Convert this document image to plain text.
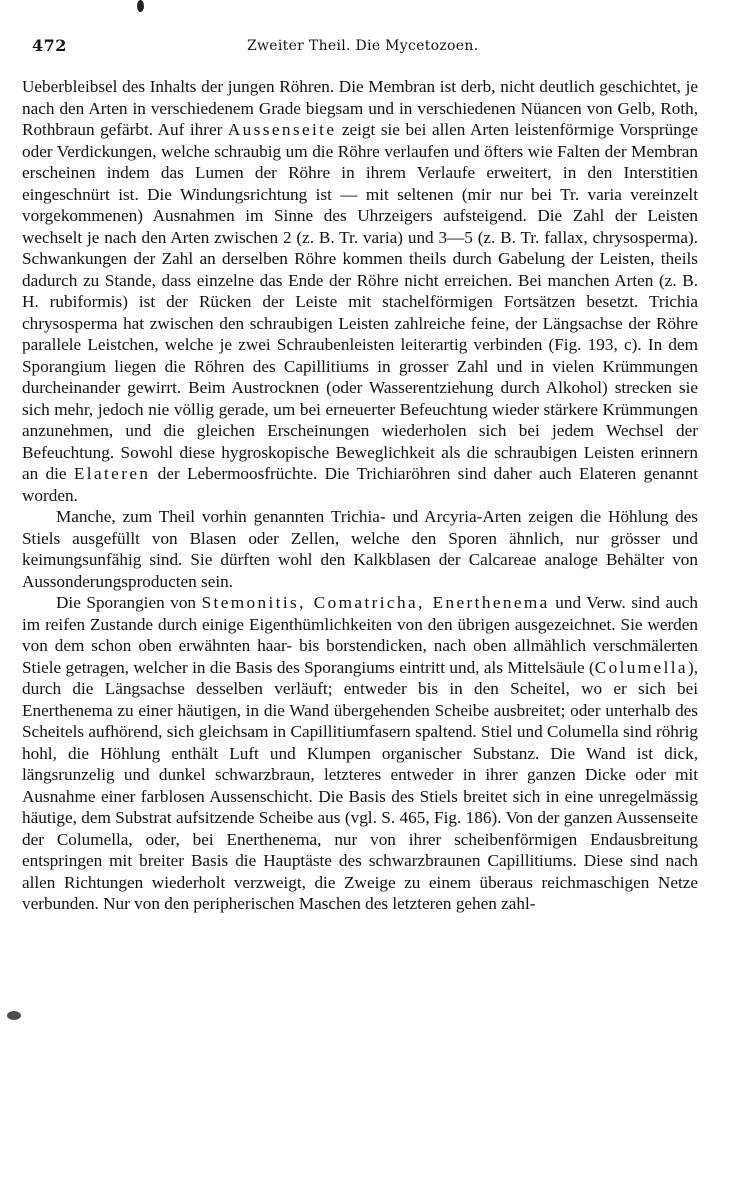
472	Zweiter Theil. Die Mycetozoen.

Ueberbleibsel des Inhalts der jungen Röhren. Die Membran ist derb, nicht deutlich geschichtet, je nach den Arten in verschiedenem Grade biegsam und in verschiedenen Nüancen von Gelb, Roth, Rothbraun gefärbt. Auf ihrer Aussenseite zeigt sie bei allen Arten leistenförmige Vorsprünge oder Verdickungen, welche schraubig um die Röhre verlaufen und öfters wie Falten der Membran erscheinen indem das Lumen der Röhre in ihrem Verlaufe erweitert, in den Interstitien eingeschnürt ist. Die Windungsrichtung ist — mit seltenen (mir nur bei Tr. varia vereinzelt vorgekommenen) Ausnahmen im Sinne des Uhrzeigers aufsteigend. Die Zahl der Leisten wechselt je nach den Arten zwischen 2 (z. B. Tr. varia) und 3—5 (z. B. Tr. fallax, chrysosperma). Schwankungen der Zahl an derselben Röhre kommen theils durch Gabelung der Leisten, theils dadurch zu Stande, dass einzelne das Ende der Röhre nicht erreichen. Bei manchen Arten (z. B. H. rubiformis) ist der Rücken der Leiste mit stachelförmigen Fortsätzen besetzt. Trichia chrysosperma hat zwischen den schraubigen Leisten zahlreiche feine, der Längsachse der Röhre parallele Leistchen, welche je zwei Schraubenleisten leiterartig verbinden (Fig. 193, c). In dem Sporangium liegen die Röhren des Capillitiums in grosser Zahl und in vielen Krümmungen durcheinander gewirrt. Beim Austrocknen (oder Wasserentziehung durch Alkohol) strecken sie sich mehr, jedoch nie völlig gerade, um bei erneuerter Befeuchtung wieder stärkere Krümmungen anzunehmen, und die gleichen Erscheinungen wiederholen sich bei jedem Wechsel der Befeuchtung. Sowohl diese hygroskopische Beweglichkeit als die schraubigen Leisten erinnern an die Elateren der Lebermoosfrüchte. Die Trichiaröhren sind daher auch Elateren genannt worden.

Manche, zum Theil vorhin genannten Trichia- und Arcyria-Arten zeigen die Höhlung des Stiels ausgefüllt von Blasen oder Zellen, welche den Sporen ähnlich, nur grösser und keimungsunfähig sind. Sie dürften wohl den Kalkblasen der Calcareae analoge Behälter von Aussonderungsproducten sein.

Die Sporangien von Stemonitis, Comatricha, Enerthenema und Verw. sind auch im reifen Zustande durch einige Eigenthümlichkeiten von den übrigen ausgezeichnet. Sie werden von dem schon oben erwähnten haar- bis borstendicken, nach oben allmählich verschmälerten Stiele getragen, welcher in die Basis des Sporangiums eintritt und, als Mittelsäule (Columella), durch die Längsachse desselben verläuft; entweder bis in den Scheitel, wo er sich bei Enerthenema zu einer häutigen, in die Wand übergehenden Scheibe ausbreitet; oder unterhalb des Scheitels aufhörend, sich gleichsam in Capillitiumfasern spaltend. Stiel und Columella sind röhrig hohl, die Höhlung enthält Luft und Klumpen organischer Substanz. Die Wand ist dick, längsrunzelig und dunkel schwarzbraun, letzteres entweder in ihrer ganzen Dicke oder mit Ausnahme einer farblosen Aussenschicht. Die Basis des Stiels breitet sich in eine unregelmässig häutige, dem Substrat aufsitzende Scheibe aus (vgl. S. 465, Fig. 186). Von der ganzen Aussenseite der Columella, oder, bei Enerthenema, nur von ihrer scheibenförmigen Endausbreitung entspringen mit breiter Basis die Hauptäste des schwarzbraunen Capillitiums. Diese sind nach allen Richtungen wiederholt verzweigt, die Zweige zu einem überaus reichmaschigen Netze verbunden. Nur von den peripherischen Maschen des letzteren gehen zahl-
